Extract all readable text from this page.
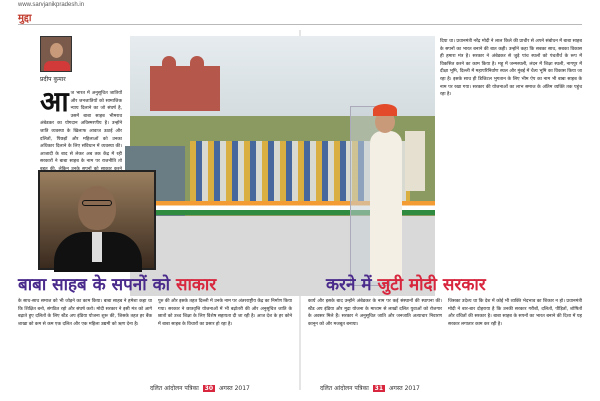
www.sarvjanikpradesh.in
मुद्दा
प्रदीप कुमार
आ ज भारत में अनुसूचित जातियों और जनजातियों को सामाजिक न्याय दिलाने का जो संघर्ष है, उसमें बाबा साहब भीमराव अंबेडकर का योगदान अविस्मरणीय है। उन्होंने जाति व्यवस्था के खिलाफ आवाज उठाई और दलितों, पिछड़ों और महिलाओं को उनका अधिकार दिलाने के लिए संविधान में व्यवस्था की। आजादी के बाद से लेकर अब तक केंद्र में रही सरकारों ने बाबा साहब के नाम पर राजनीति तो
दिया था। प्रधानमंत्री नरेंद्र मोदी ने लाल किले की प्राचीर से अपने संबोधन में बाबा साहब के सपनों का भारत बनाने की बात कही। उन्होंने कहा कि सबका साथ, सबका विकास ही हमारा मंत्र है। सरकार ने अंबेडकर से जुड़े पांच स्थलों को पंचतीर्थ के रूप में विकसित करने का काम किया है। महू में जन्मस्थली, लंदन में शिक्षा स्थली, नागपुर में दीक्षा भूमि, दिल्ली में महापरिनिर्वाण स्थल और मुंबई में चैत्य भूमि का विकास किया जा रहा है। इसके साथ ही डिजिटल भुगतान के लिए भीम ऐप का नाम भी बाबा साहब के नाम पर रखा गया। सरकार की योजनाओं का लाभ समाज के अंतिम व्यक्ति तक पहुंच रहा है।
बाबा साहब के सपनों को साकार	करने में जुटी मोदी सरकार
के साथ-साथ समाज को भी जोड़ने का काम किया। बाबा साहब ने हमेशा कहा था कि शिक्षित बनो, संगठित रहो और संघर्ष करो। मोदी सरकार ने इसी मंत्र को आगे बढ़ाते हुए दलितों के लिए स्टैंड अप इंडिया योजना शुरू की, जिसके तहत हर बैंक शाखा को कम से कम एक दलित और एक महिला उद्यमी को ऋण देना है।
पुरु की और इसके तहत दिल्ली में उनके नाम पर अंतरराष्ट्रीय केंद्र का निर्माण किया गया। सरकार ने छात्रवृत्ति योजनाओं में भी बढ़ोतरी की और अनुसूचित जाति के छात्रों को उच्च शिक्षा के लिए विशेष सहायता दी जा रही है। आज देश के हर कोने में बाबा साहब के विचारों का प्रसार हो रहा है।
कार्य और इसके बाद उन्होंने अंबेडकर के नाम पर कई संस्थानों की स्थापना की। स्टैंड अप इंडिया और मुद्रा योजना के माध्यम से लाखों दलित युवाओं को रोजगार के अवसर मिले हैं। सरकार ने अनुसूचित जाति और जनजाति अत्याचार निवारण कानून को और मजबूत बनाया।
जिसका उदेश्य था कि देश में कोई भी व्यक्ति भेदभाव का शिकार न हो। प्रधानमंत्री मोदी ने बार-बार दोहराया है कि उनकी सरकार गरीबों, दलितों, पीड़ितों, शोषितों और वंचितों की सरकार है। बाबा साहब के सपनों का भारत बनाने की दिशा में यह सरकार लगातार काम कर रही है।
दलित आंदोलन पत्रिका 30 अगस्त 2017	दलित आंदोलन पत्रिका 31 अगस्त 2017
